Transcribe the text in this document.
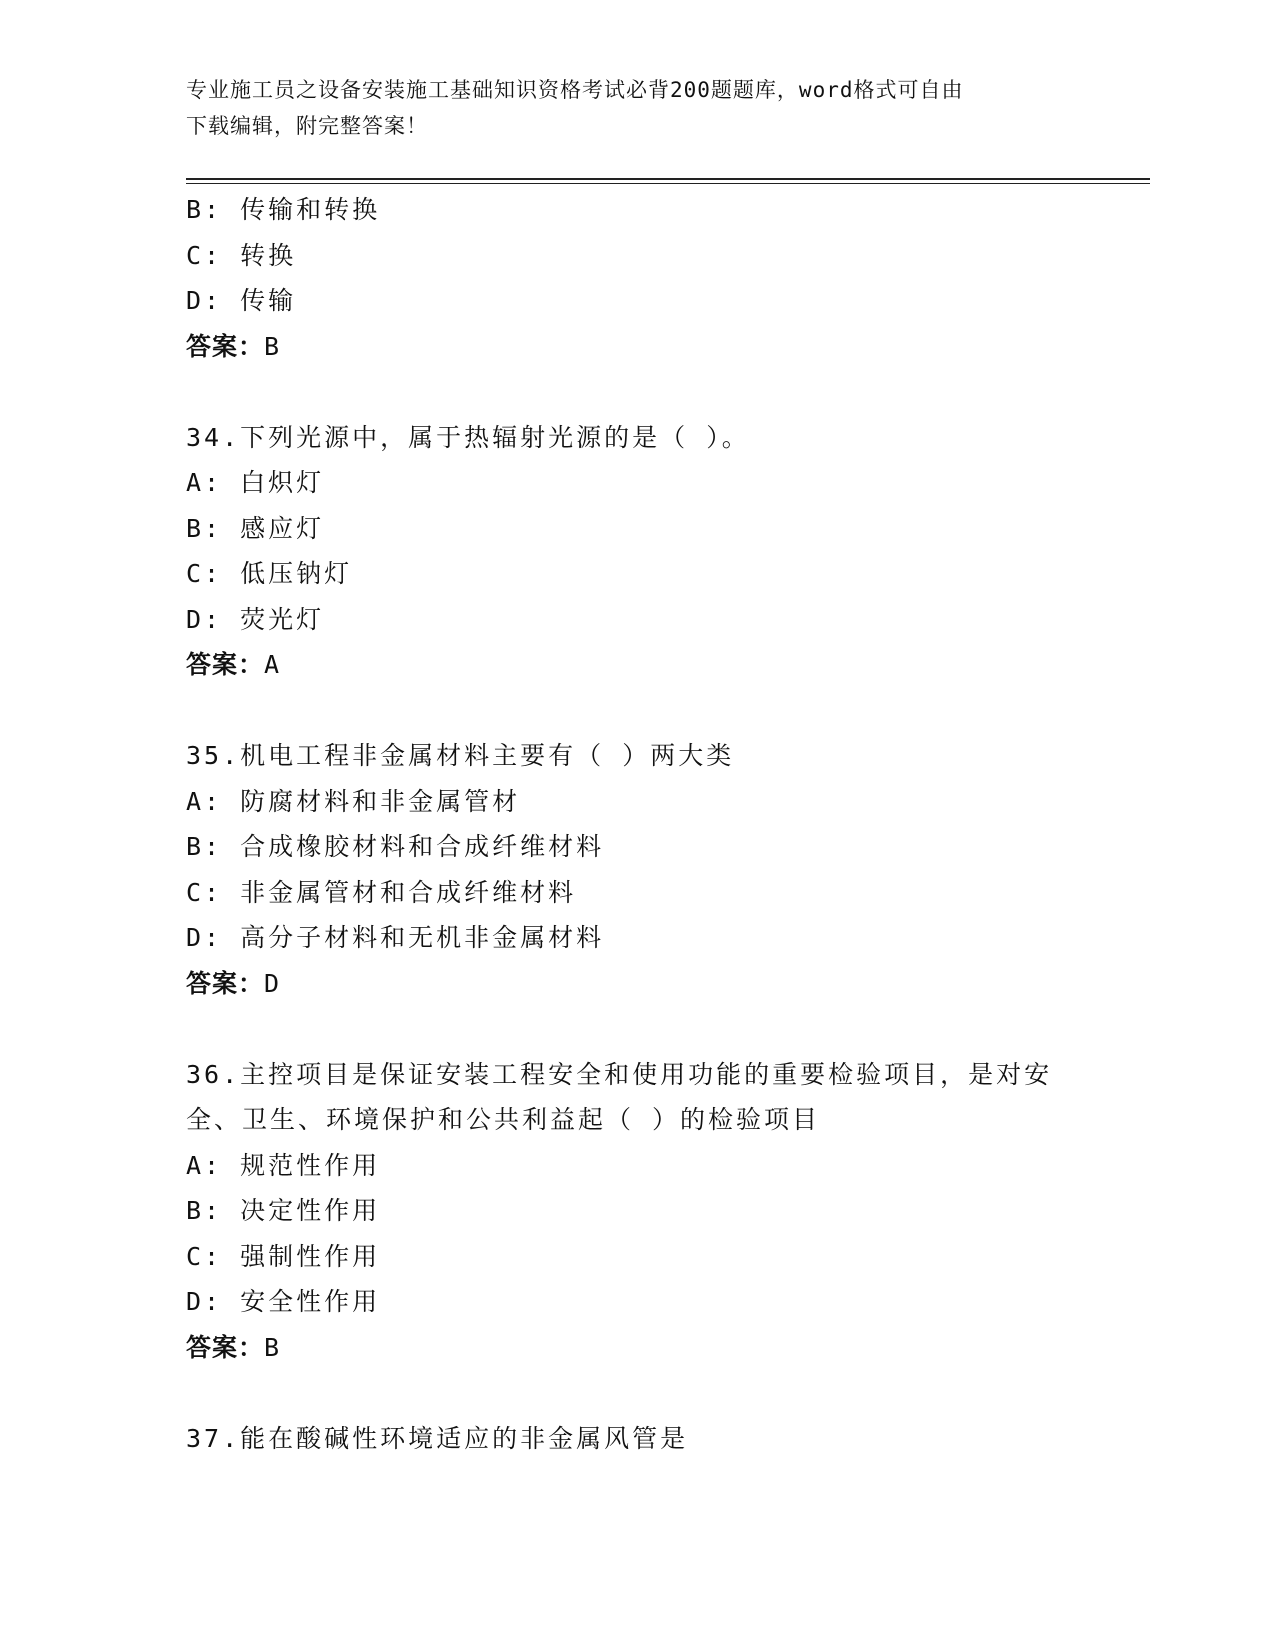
专业施工员之设备安装施工基础知识资格考试必背200题题库，word格式可自由
下载编辑，附完整答案！
B: 传输和转换
C: 转换
D: 传输
答案：B
34.下列光源中，属于热辐射光源的是（ ）。
A: 白炽灯
B: 感应灯
C: 低压钠灯
D: 荧光灯
答案：A
35.机电工程非金属材料主要有（ ）两大类
A: 防腐材料和非金属管材
B: 合成橡胶材料和合成纤维材料
C: 非金属管材和合成纤维材料
D: 高分子材料和无机非金属材料
答案：D
36.主控项目是保证安装工程安全和使用功能的重要检验项目，是对安
全、卫生、环境保护和公共利益起（ ）的检验项目
A: 规范性作用
B: 决定性作用
C: 强制性作用
D: 安全性作用
答案：B
37.能在酸碱性环境适应的非金属风管是
